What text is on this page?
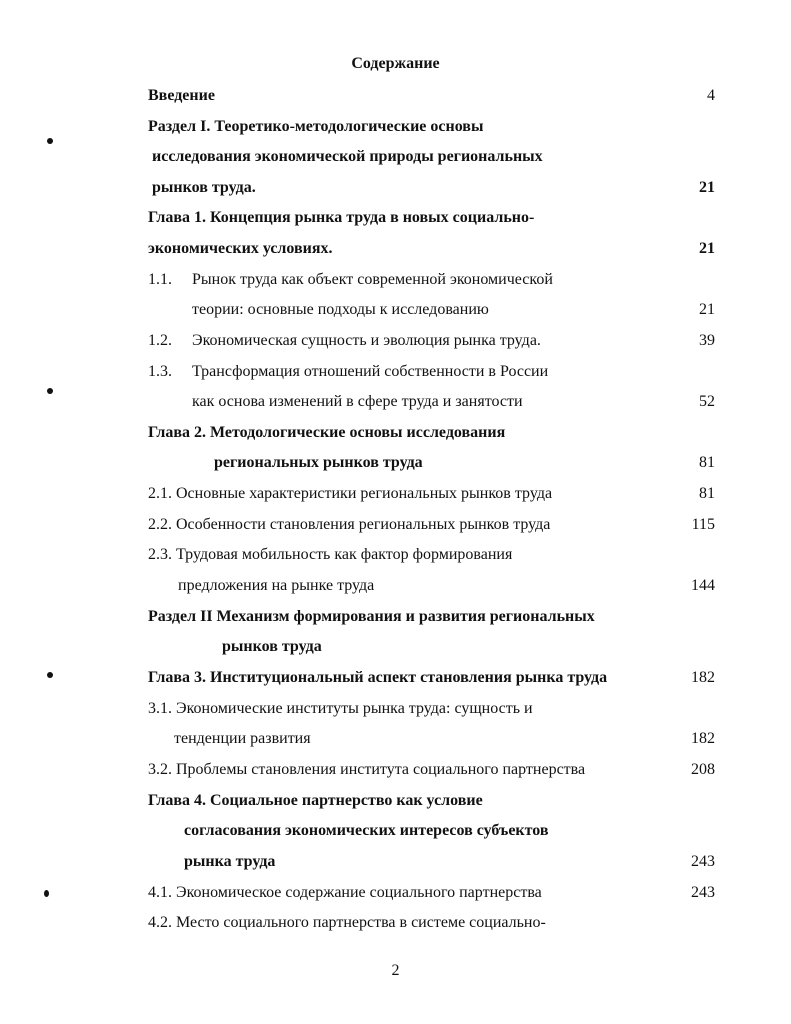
Содержание
Введение	4
Раздел I. Теоретико-методологические основы
исследования экономической природы региональных
рынков труда.	21
Глава 1. Концепция рынка труда в новых социально-
экономических условиях.	21
1.1. Рынок труда как объект современной экономической
теории: основные подходы к исследованию	21
1.2. Экономическая сущность и эволюция рынка труда.	39
1.3. Трансформация отношений собственности в России
как основа изменений в сфере труда и занятости	52
Глава 2. Методологические основы исследования
региональных рынков труда	81
2.1. Основные характеристики региональных рынков труда	81
2.2. Особенности становления региональных рынков труда	115
2.3. Трудовая мобильность как фактор формирования
предложения на рынке труда	144
Раздел II Механизм формирования и развития региональных
рынков труда
Глава 3. Институциональный аспект становления рынка труда	182
3.1. Экономические институты рынка труда: сущность и
тенденции развития	182
3.2. Проблемы становления института социального партнерства	208
Глава 4. Социальное партнерство как условие
согласования экономических интересов субъектов
рынка труда	243
4.1. Экономическое содержание социального партнерства	243
4.2. Место социального партнерства в системе социально-
2
